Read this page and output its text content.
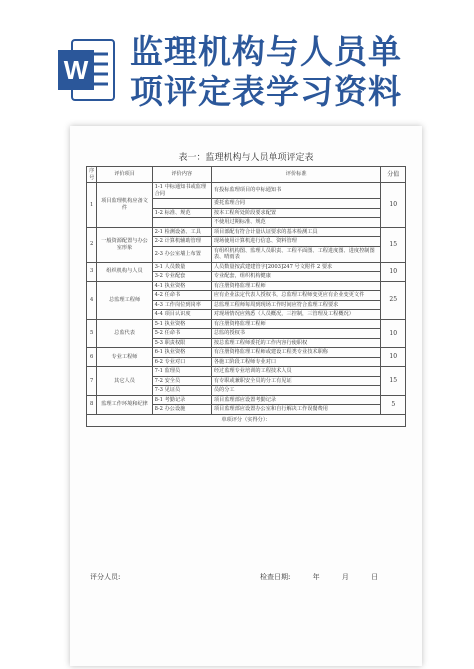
W 监理机构与人员单
项评定表学习资料
表一：监理机构与人员单项评定表
序号	评价项目	评价内容	评价标准	分值
1	项目监理机构应备文件	1-1 中标通知书或监理合同	有投标监理项目的中标通知书	10
			委托监理合同	
		1-2 标准、规范	按本工程所处阶段要求配置	
			不使用过期标准、规范	
2	一般资源配置与办公室形象	2-1 检测设备、工具	项目部配有符合计量认证要求的基本检测工具	15
		2-2 计算机辅助管理	现场使用计算机进行信息、资料管理	
		2-3 办公室墙上布置	有组织机构图、监理人员职责、工程平面图、工程进度图、进度控制图表、晴雨表	
3	组织机构与人员	3-1 人员数量	人员数量按武建建管字[2003]247 号文附件 2 要求	10
		3-2 专业配套	专业配套，组织机构健康	
4	总监理工程师	4-1 执业资格	有注册资格监理工程师	25
		4-2 任命书	应有企业法定代表人授权书，总监理工程师变更应有企业变更文件	
		4-3 工作岗位到岗率	总监理工程师每周到现场工作时间应符合监理工程要求	
		4-4 项目认识度	对现场情况应熟悉（人员概况，三控制，三管理及工程概况）	
5	总监代表	5-1 执业资格	有注册资格监理工程师	10
		5-2 任命书	总监的授权书	
		5-3 职责权限	按总监理工程师委托的工作内容行使职权	
6	专业工程师	6-1 执业资格	有注册资格监理工程师或建设工程类专业技术职称	10
		6-2 专业对口	各施工阶段工程师专业对口	
7	其它人员	7-1 监理员	经过监理专业培训的工程技术人员	15
		7-2 安全员	有专职或兼职安全员的分工有见证	
		7-3 见证员	员的分工	
8	监理工作环境和纪律	8-1 考勤记录	项目监理部应设置考勤记录	5
		8-2 办公设施	项目监理部应设置办公室和自行解决工作误餐费用	
单项评分（实得分）：				
评分人员:	检查日期:	年	月	日
